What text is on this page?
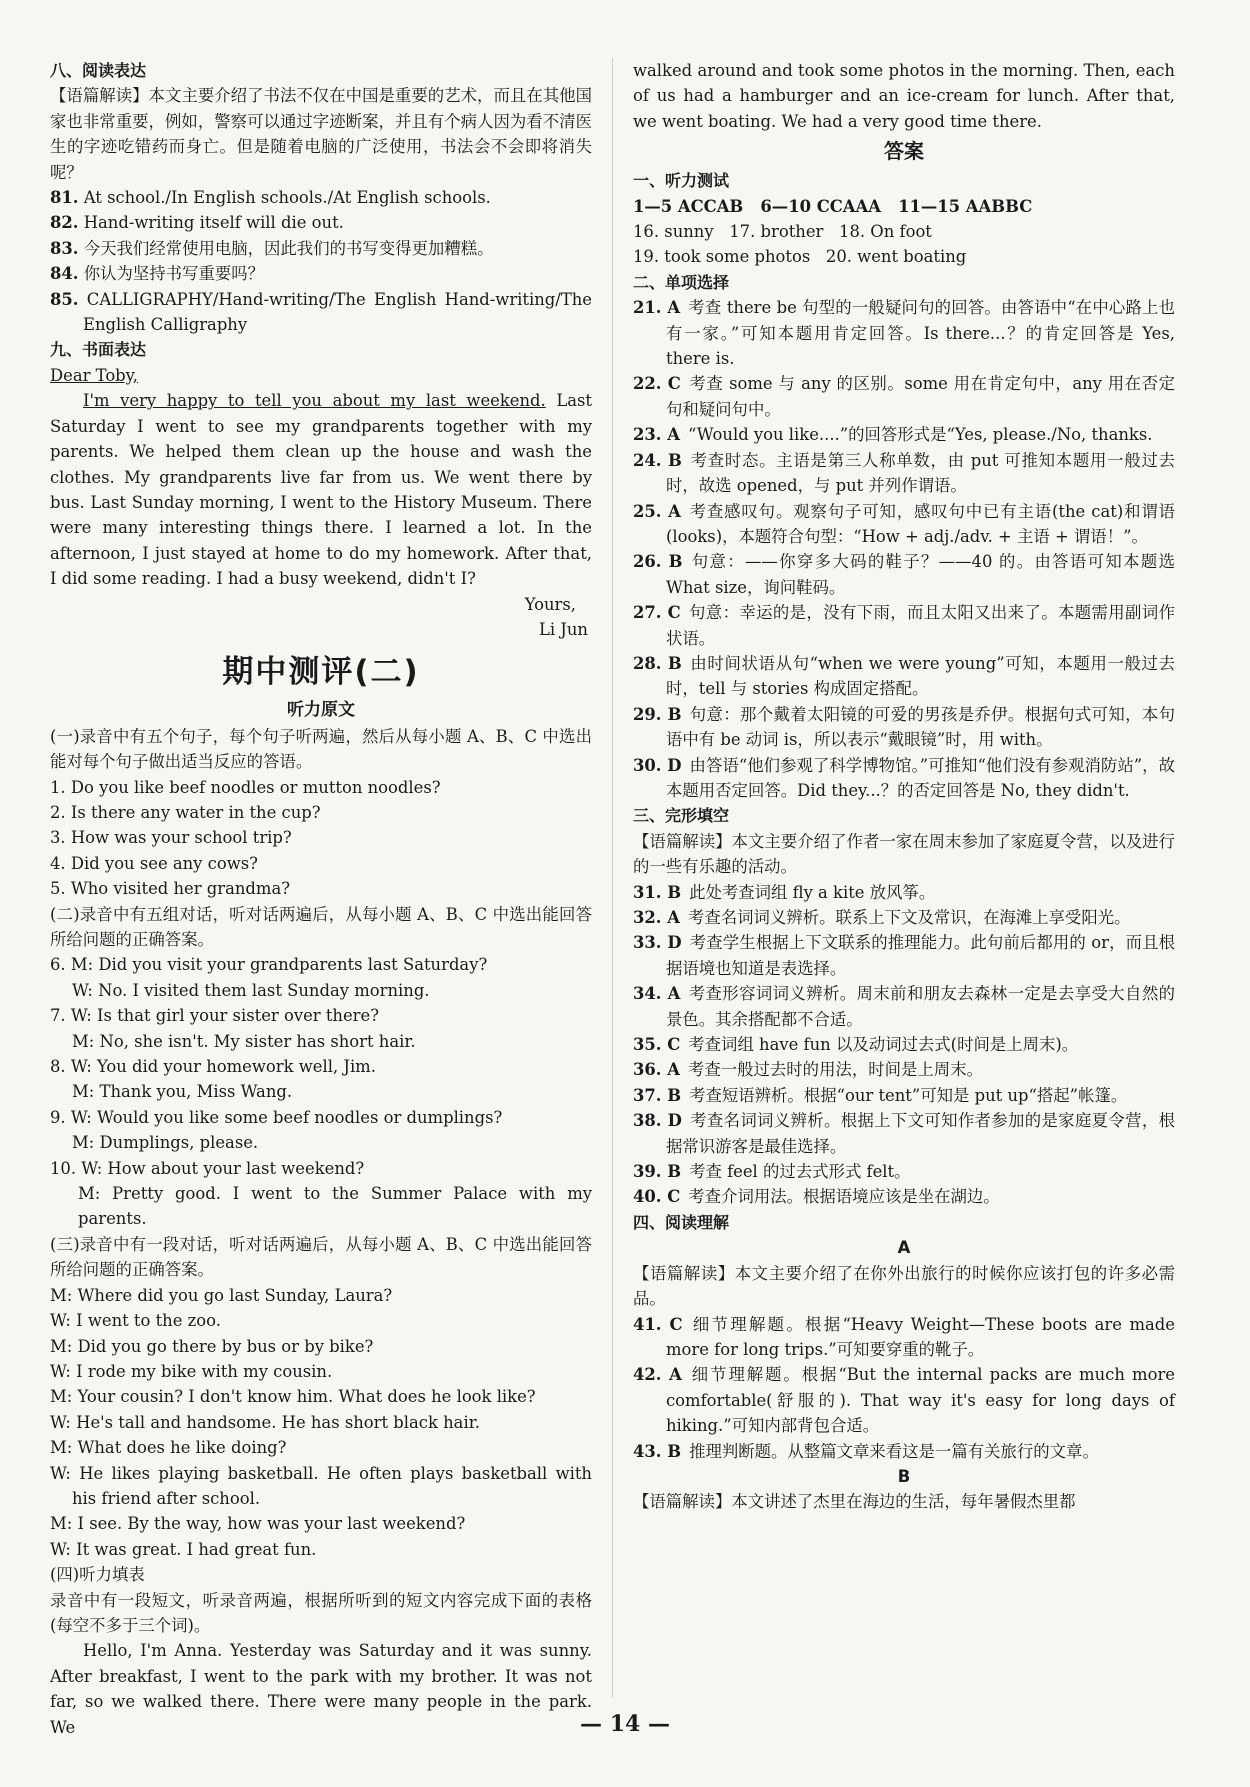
八、阅读表达

【语篇解读】本文主要介绍了书法不仅在中国是重要的艺术，而且在其他国家也非常重要，例如，警察可以通过字迹断案，并且有个病人因为看不清医生的字迹吃错药而身亡。但是随着电脑的广泛使用，书法会不会即将消失呢？

81. At school./In English schools./At English schools.

82. Hand-writing itself will die out.

83. 今天我们经常使用电脑，因此我们的书写变得更加糟糕。

84. 你认为坚持书写重要吗？

85. CALLIGRAPHY/Hand-writing/The English Hand-writing/The English Calligraphy

九、书面表达

Dear Toby,

I'm very happy to tell you about my last weekend. Last Saturday I went to see my grandparents together with my parents. We helped them clean up the house and wash the clothes. My grandparents live far from us. We went there by bus. Last Sunday morning, I went to the History Museum. There were many interesting things there. I learned a lot. In the afternoon, I just stayed at home to do my homework. After that, I did some reading. I had a busy weekend, didn't I?

Yours,

Li Jun

期中测评(二)

听力原文

(一)录音中有五个句子，每个句子听两遍，然后从每小题 A、B、C 中选出能对每个句子做出适当反应的答语。

1. Do you like beef noodles or mutton noodles?

2. Is there any water in the cup?

3. How was your school trip?

4. Did you see any cows?

5. Who visited her grandma?

(二)录音中有五组对话，听对话两遍后，从每小题 A、B、C 中选出能回答所给问题的正确答案。

6. M: Did you visit your grandparents last Saturday?

W: No. I visited them last Sunday morning.

7. W: Is that girl your sister over there?

M: No, she isn't. My sister has short hair.

8. W: You did your homework well, Jim.

M: Thank you, Miss Wang.

9. W: Would you like some beef noodles or dumplings?

M: Dumplings, please.

10. W: How about your last weekend?

M: Pretty good. I went to the Summer Palace with my parents.

(三)录音中有一段对话，听对话两遍后，从每小题 A、B、C 中选出能回答所给问题的正确答案。

M: Where did you go last Sunday, Laura?

W: I went to the zoo.

M: Did you go there by bus or by bike?

W: I rode my bike with my cousin.

M: Your cousin? I don't know him. What does he look like?

W: He's tall and handsome. He has short black hair.

M: What does he like doing?

W: He likes playing basketball. He often plays basketball with his friend after school.

M: I see. By the way, how was your last weekend?

W: It was great. I had great fun.

(四)听力填表

录音中有一段短文，听录音两遍，根据所听到的短文内容完成下面的表格(每空不多于三个词)。

Hello, I'm Anna. Yesterday was Saturday and it was sunny. After breakfast, I went to the park with my brother. It was not far, so we walked there. There were many people in the park. We

walked around and took some photos in the morning. Then, each of us had a hamburger and an ice-cream for lunch. After that, we went boating. We had a very good time there.

答案

一、听力测试

1—5 ACCAB   6—10 CCAAA   11—15 AABBC

16. sunny   17. brother   18. On foot

19. took some photos   20. went boating

二、单项选择

21. A 考查 there be 句型的一般疑问句的回答。由答语中“在中心路上也有一家。”可知本题用肯定回答。Is there...？的肯定回答是 Yes, there is.

22. C 考查 some 与 any 的区别。some 用在肯定句中，any 用在否定句和疑问句中。

23. A “Would you like....”的回答形式是“Yes, please./No, thanks.

24. B 考查时态。主语是第三人称单数，由 put 可推知本题用一般过去时，故选 opened，与 put 并列作谓语。

25. A 考查感叹句。观察句子可知，感叹句中已有主语(the cat)和谓语(looks)，本题符合句型：“How + adj./adv. + 主语 + 谓语！”。

26. B 句意：——你穿多大码的鞋子？——40 的。由答语可知本题选 What size，询问鞋码。

27. C 句意：幸运的是，没有下雨，而且太阳又出来了。本题需用副词作状语。

28. B 由时间状语从句“when we were young”可知，本题用一般过去时，tell 与 stories 构成固定搭配。

29. B 句意：那个戴着太阳镜的可爱的男孩是乔伊。根据句式可知，本句语中有 be 动词 is，所以表示“戴眼镜”时，用 with。

30. D 由答语“他们参观了科学博物馆。”可推知“他们没有参观消防站”，故本题用否定回答。Did they...？的否定回答是 No, they didn't.

三、完形填空

【语篇解读】本文主要介绍了作者一家在周末参加了家庭夏令营，以及进行的一些有乐趣的活动。

31. B 此处考查词组 fly a kite 放风筝。

32. A 考查名词词义辨析。联系上下文及常识，在海滩上享受阳光。

33. D 考查学生根据上下文联系的推理能力。此句前后都用的 or，而且根据语境也知道是表选择。

34. A 考查形容词词义辨析。周末前和朋友去森林一定是去享受大自然的景色。其余搭配都不合适。

35. C 考查词组 have fun 以及动词过去式(时间是上周末)。

36. A 考查一般过去时的用法，时间是上周末。

37. B 考查短语辨析。根据“our tent”可知是 put up“搭起”帐篷。

38. D 考查名词词义辨析。根据上下文可知作者参加的是家庭夏令营，根据常识游客是最佳选择。

39. B 考查 feel 的过去式形式 felt。

40. C 考查介词用法。根据语境应该是坐在湖边。

四、阅读理解

A

【语篇解读】本文主要介绍了在你外出旅行的时候你应该打包的许多必需品。

41. C 细节理解题。根据“Heavy Weight—These boots are made more for long trips.”可知要穿重的靴子。

42. A 细节理解题。根据“But the internal packs are much more comfortable(舒服的). That way it's easy for long days of hiking.”可知内部背包合适。

43. B 推理判断题。从整篇文章来看这是一篇有关旅行的文章。

B

【语篇解读】本文讲述了杰里在海边的生活，每年暑假杰里都

— 14 —
